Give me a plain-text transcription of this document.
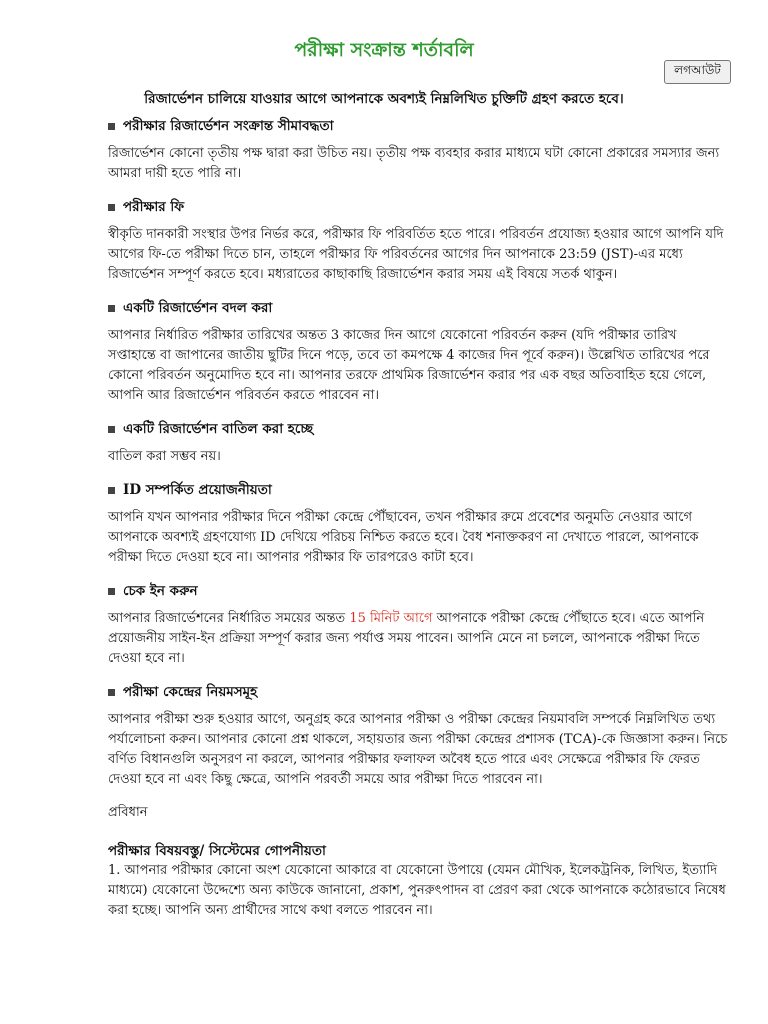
পরীক্ষা সংক্রান্ত শর্তাবলি
লগআউট
রিজার্ভেশন চালিয়ে যাওয়ার আগে আপনাকে অবশ্যই নিম্নলিখিত চুক্তিটি গ্রহণ করতে হবে।
পরীক্ষার রিজার্ভেশন সংক্রান্ত সীমাবদ্ধতা
রিজার্ভেশন কোনো তৃতীয় পক্ষ দ্বারা করা উচিত নয়। তৃতীয় পক্ষ ব্যবহার করার মাধ্যমে ঘটা কোনো প্রকারের সমস্যার জন্য আমরা দায়ী হতে পারি না।
পরীক্ষার ফি
স্বীকৃতি দানকারী সংস্থার উপর নির্ভর করে, পরীক্ষার ফি পরিবর্তিত হতে পারে। পরিবর্তন প্রযোজ্য হওয়ার আগে আপনি যদি আগের ফি-তে পরীক্ষা দিতে চান, তাহলে পরীক্ষার ফি পরিবর্তনের আগের দিন আপনাকে 23:59 (JST)-এর মধ্যে রিজার্ভেশন সম্পূর্ণ করতে হবে। মধ্যরাতের কাছাকাছি রিজার্ভেশন করার সময় এই বিষয়ে সতর্ক থাকুন।
একটি রিজার্ভেশন বদল করা
আপনার নির্ধারিত পরীক্ষার তারিখের অন্তত 3 কাজের দিন আগে যেকোনো পরিবর্তন করুন (যদি পরীক্ষার তারিখ সপ্তাহান্তে বা জাপানের জাতীয় ছুটির দিনে পড়ে, তবে তা কমপক্ষে 4 কাজের দিন পূর্বে করুন)। উল্লেখিত তারিখের পরে কোনো পরিবর্তন অনুমোদিত হবে না। আপনার তরফে প্রাথমিক রিজার্ভেশন করার পর এক বছর অতিবাহিত হয়ে গেলে, আপনি আর রিজার্ভেশন পরিবর্তন করতে পারবেন না।
একটি রিজার্ভেশন বাতিল করা হচ্ছে
বাতিল করা সম্ভব নয়।
ID সম্পর্কিত প্রয়োজনীয়তা
আপনি যখন আপনার পরীক্ষার দিনে পরীক্ষা কেন্দ্রে পৌঁছাবেন, তখন পরীক্ষার রুমে প্রবেশের অনুমতি নেওয়ার আগে আপনাকে অবশ্যই গ্রহণযোগ্য ID দেখিয়ে পরিচয় নিশ্চিত করতে হবে। বৈধ শনাক্তকরণ না দেখাতে পারলে, আপনাকে পরীক্ষা দিতে দেওয়া হবে না। আপনার পরীক্ষার ফি তারপরেও কাটা হবে।
চেক ইন করুন
আপনার রিজার্ভেশনের নির্ধারিত সময়ের অন্তত 15 মিনিট আগে আপনাকে পরীক্ষা কেন্দ্রে পৌঁছাতে হবে। এতে আপনি প্রয়োজনীয় সাইন-ইন প্রক্রিয়া সম্পূর্ণ করার জন্য পর্যাপ্ত সময় পাবেন। আপনি মেনে না চললে, আপনাকে পরীক্ষা দিতে দেওয়া হবে না।
পরীক্ষা কেন্দ্রের নিয়মসমূহ
আপনার পরীক্ষা শুরু হওয়ার আগে, অনুগ্রহ করে আপনার পরীক্ষা ও পরীক্ষা কেন্দ্রের নিয়মাবলি সম্পর্কে নিম্নলিখিত তথ্য পর্যালোচনা করুন। আপনার কোনো প্রশ্ন থাকলে, সহায়তার জন্য পরীক্ষা কেন্দ্রের প্রশাসক (TCA)-কে জিজ্ঞাসা করুন। নিচে বর্ণিত বিধানগুলি অনুসরণ না করলে, আপনার পরীক্ষার ফলাফল অবৈধ হতে পারে এবং সেক্ষেত্রে পরীক্ষার ফি ফেরত দেওয়া হবে না এবং কিছু ক্ষেত্রে, আপনি পরবর্তী সময়ে আর পরীক্ষা দিতে পারবেন না।
প্রবিধান
পরীক্ষার বিষয়বস্তু/ সিস্টেমের গোপনীয়তা
1. আপনার পরীক্ষার কোনো অংশ যেকোনো আকারে বা যেকোনো উপায়ে (যেমন মৌখিক, ইলেকট্রনিক, লিখিত, ইত্যাদি মাধ্যমে) যেকোনো উদ্দেশ্যে অন্য কাউকে জানানো, প্রকাশ, পুনরুৎপাদন বা প্রেরণ করা থেকে আপনাকে কঠোরভাবে নিষেধ করা হচ্ছে। আপনি অন্য প্রার্থীদের সাথে কথা বলতে পারবেন না।
